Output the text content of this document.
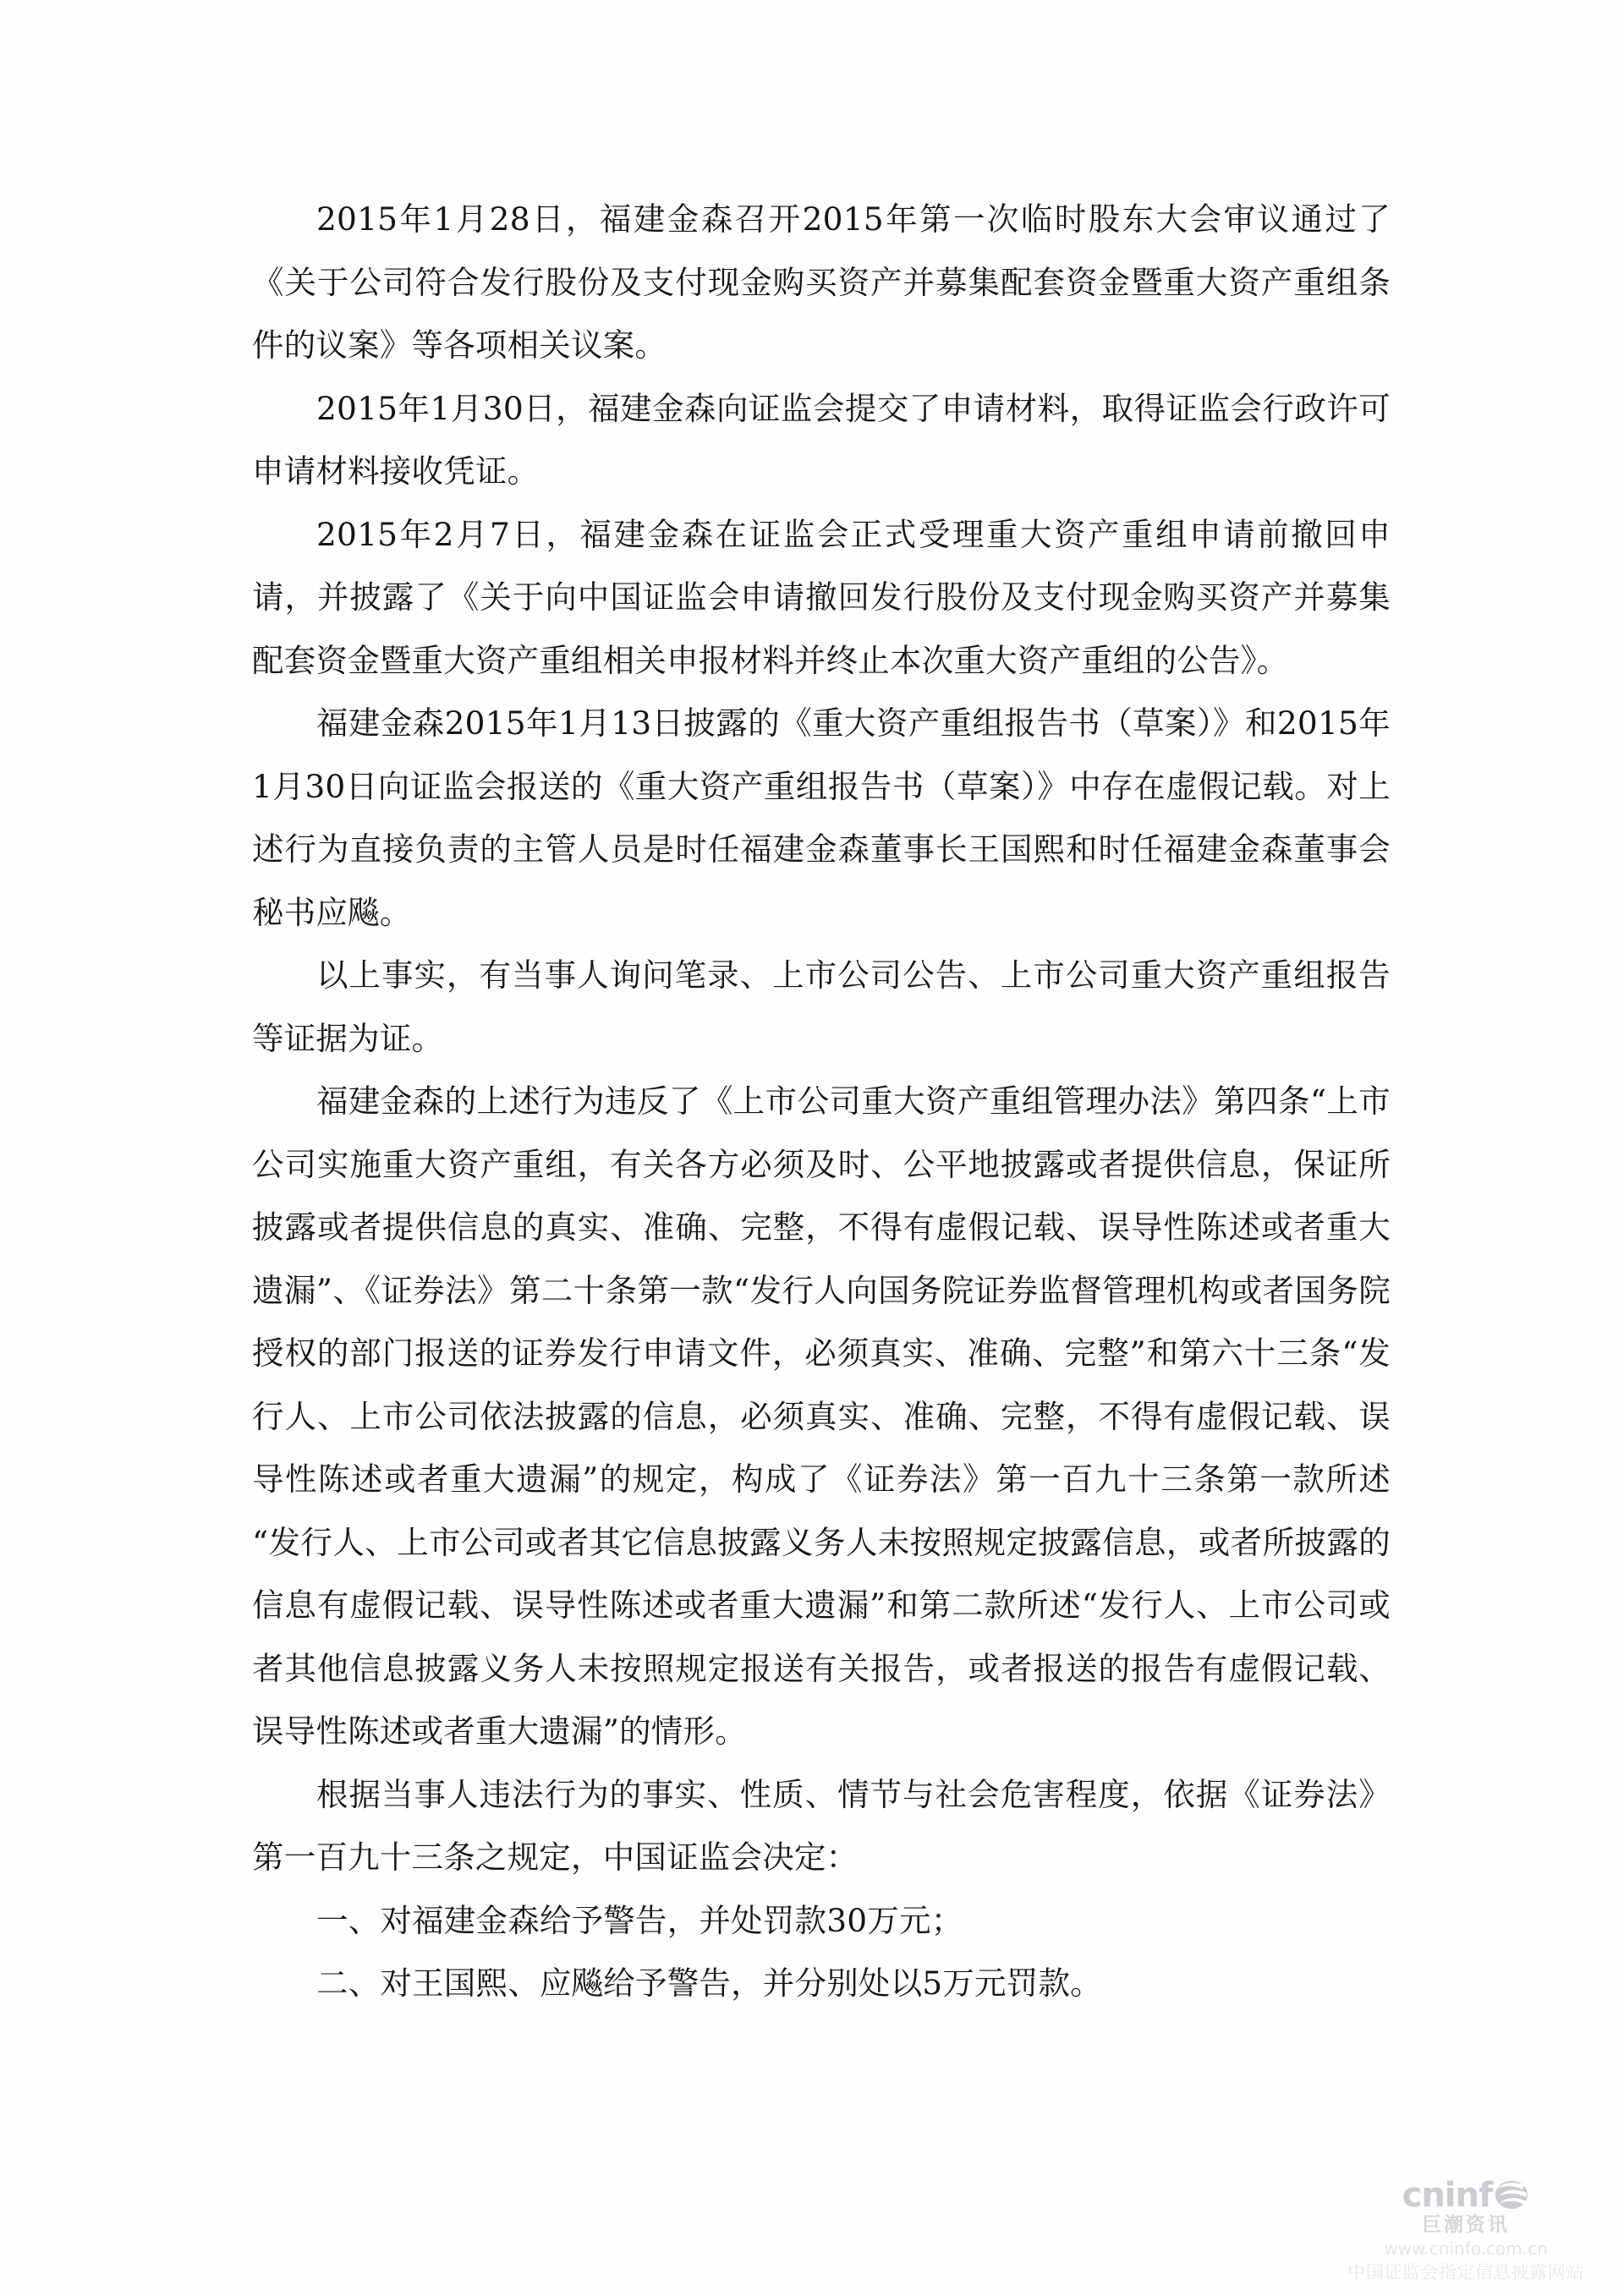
2015年1月28日，福建金森召开2015年第一次临时股东大会审议通过了《关于公司符合发行股份及支付现金购买资产并募集配套资金暨重大资产重组条件的议案》等各项相关议案。

2015年1月30日，福建金森向证监会提交了申请材料，取得证监会行政许可申请材料接收凭证。

2015年2月7日，福建金森在证监会正式受理重大资产重组申请前撤回申请，并披露了《关于向中国证监会申请撤回发行股份及支付现金购买资产并募集配套资金暨重大资产重组相关申报材料并终止本次重大资产重组的公告》。

福建金森2015年1月13日披露的《重大资产重组报告书（草案）》和2015年1月30日向证监会报送的《重大资产重组报告书（草案）》中存在虚假记载。对上述行为直接负责的主管人员是时任福建金森董事长王国熙和时任福建金森董事会秘书应飚。

以上事实，有当事人询问笔录、上市公司公告、上市公司重大资产重组报告等证据为证。

福建金森的上述行为违反了《上市公司重大资产重组管理办法》第四条“上市公司实施重大资产重组，有关各方必须及时、公平地披露或者提供信息，保证所披露或者提供信息的真实、准确、完整，不得有虚假记载、误导性陈述或者重大遗漏”、《证券法》第二十条第一款“发行人向国务院证券监督管理机构或者国务院授权的部门报送的证券发行申请文件，必须真实、准确、完整”和第六十三条“发行人、上市公司依法披露的信息，必须真实、准确、完整，不得有虚假记载、误导性陈述或者重大遗漏”的规定，构成了《证券法》第一百九十三条第一款所述“发行人、上市公司或者其它信息披露义务人未按照规定披露信息，或者所披露的信息有虚假记载、误导性陈述或者重大遗漏”和第二款所述“发行人、上市公司或者其他信息披露义务人未按照规定报送有关报告，或者报送的报告有虚假记载、误导性陈述或者重大遗漏”的情形。

根据当事人违法行为的事实、性质、情节与社会危害程度，依据《证券法》第一百九十三条之规定，中国证监会决定：

一、对福建金森给予警告，并处罚款30万元；

二、对王国熙、应飚给予警告，并分别处以5万元罚款。

cninf
巨潮资讯
www.cninfo.com.cn
中国证监会指定信息披露网站
